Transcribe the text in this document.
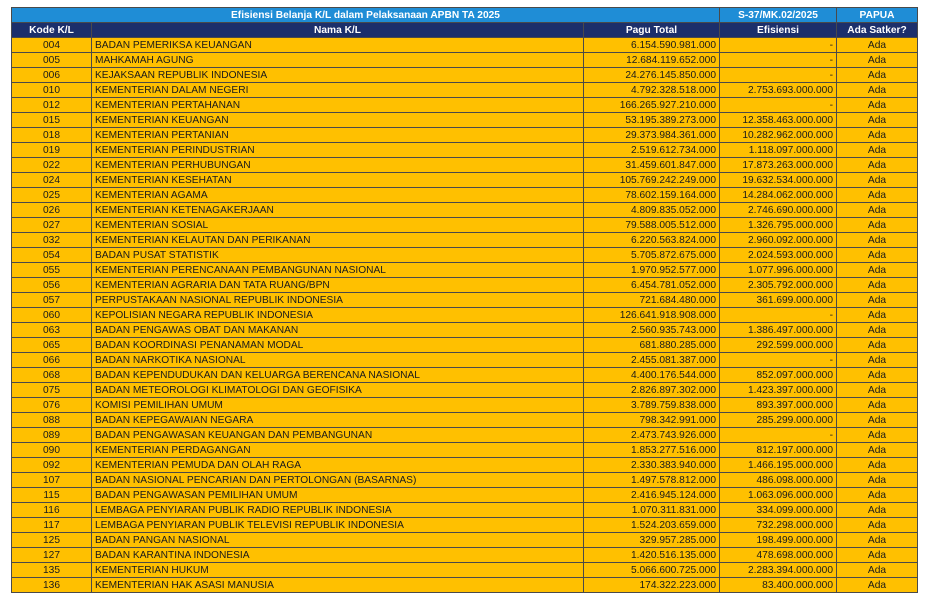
Efisiensi Belanja K/L dalam Pelaksanaan APBN TA 2025			S-37/MK.02/2025	PAPUA
Kode K/L	Nama K/L	Pagu Total	Efisiensi	Ada Satker?
004	BADAN PEMERIKSA KEUANGAN	6.154.590.981.000	-	Ada
005	MAHKAMAH AGUNG	12.684.119.652.000	-	Ada
006	KEJAKSAAN REPUBLIK INDONESIA	24.276.145.850.000	-	Ada
010	KEMENTERIAN DALAM NEGERI	4.792.328.518.000	2.753.693.000.000	Ada
012	KEMENTERIAN PERTAHANAN	166.265.927.210.000	-	Ada
015	KEMENTERIAN KEUANGAN	53.195.389.273.000	12.358.463.000.000	Ada
018	KEMENTERIAN PERTANIAN	29.373.984.361.000	10.282.962.000.000	Ada
019	KEMENTERIAN PERINDUSTRIAN	2.519.612.734.000	1.118.097.000.000	Ada
022	KEMENTERIAN PERHUBUNGAN	31.459.601.847.000	17.873.263.000.000	Ada
024	KEMENTERIAN KESEHATAN	105.769.242.249.000	19.632.534.000.000	Ada
025	KEMENTERIAN AGAMA	78.602.159.164.000	14.284.062.000.000	Ada
026	KEMENTERIAN KETENAGAKERJAAN	4.809.835.052.000	2.746.690.000.000	Ada
027	KEMENTERIAN SOSIAL	79.588.005.512.000	1.326.795.000.000	Ada
032	KEMENTERIAN KELAUTAN DAN PERIKANAN	6.220.563.824.000	2.960.092.000.000	Ada
054	BADAN PUSAT STATISTIK	5.705.872.675.000	2.024.593.000.000	Ada
055	KEMENTERIAN PERENCANAAN PEMBANGUNAN NASIONAL	1.970.952.577.000	1.077.996.000.000	Ada
056	KEMENTERIAN AGRARIA DAN TATA RUANG/BPN	6.454.781.052.000	2.305.792.000.000	Ada
057	PERPUSTAKAAN NASIONAL REPUBLIK INDONESIA	721.684.480.000	361.699.000.000	Ada
060	KEPOLISIAN NEGARA REPUBLIK INDONESIA	126.641.918.908.000	-	Ada
063	BADAN PENGAWAS OBAT DAN MAKANAN	2.560.935.743.000	1.386.497.000.000	Ada
065	BADAN KOORDINASI PENANAMAN MODAL	681.880.285.000	292.599.000.000	Ada
066	BADAN NARKOTIKA NASIONAL	2.455.081.387.000	-	Ada
068	BADAN KEPENDUDUKAN DAN KELUARGA BERENCANA NASIONAL	4.400.176.544.000	852.097.000.000	Ada
075	BADAN METEOROLOGI KLIMATOLOGI DAN GEOFISIKA	2.826.897.302.000	1.423.397.000.000	Ada
076	KOMISI PEMILIHAN UMUM	3.789.759.838.000	893.397.000.000	Ada
088	BADAN KEPEGAWAIAN NEGARA	798.342.991.000	285.299.000.000	Ada
089	BADAN PENGAWASAN KEUANGAN DAN PEMBANGUNAN	2.473.743.926.000	-	Ada
090	KEMENTERIAN PERDAGANGAN	1.853.277.516.000	812.197.000.000	Ada
092	KEMENTERIAN PEMUDA DAN OLAH RAGA	2.330.383.940.000	1.466.195.000.000	Ada
107	BADAN NASIONAL PENCARIAN DAN PERTOLONGAN (BASARNAS)	1.497.578.812.000	486.098.000.000	Ada
115	BADAN PENGAWASAN PEMILIHAN UMUM	2.416.945.124.000	1.063.096.000.000	Ada
116	LEMBAGA PENYIARAN PUBLIK RADIO REPUBLIK INDONESIA	1.070.311.831.000	334.099.000.000	Ada
117	LEMBAGA PENYIARAN PUBLIK TELEVISI REPUBLIK INDONESIA	1.524.203.659.000	732.298.000.000	Ada
125	BADAN PANGAN NASIONAL	329.957.285.000	198.499.000.000	Ada
127	BADAN KARANTINA INDONESIA	1.420.516.135.000	478.698.000.000	Ada
135	KEMENTERIAN HUKUM	5.066.600.725.000	2.283.394.000.000	Ada
136	KEMENTERIAN HAK ASASI MANUSIA	174.322.223.000	83.400.000.000	Ada
